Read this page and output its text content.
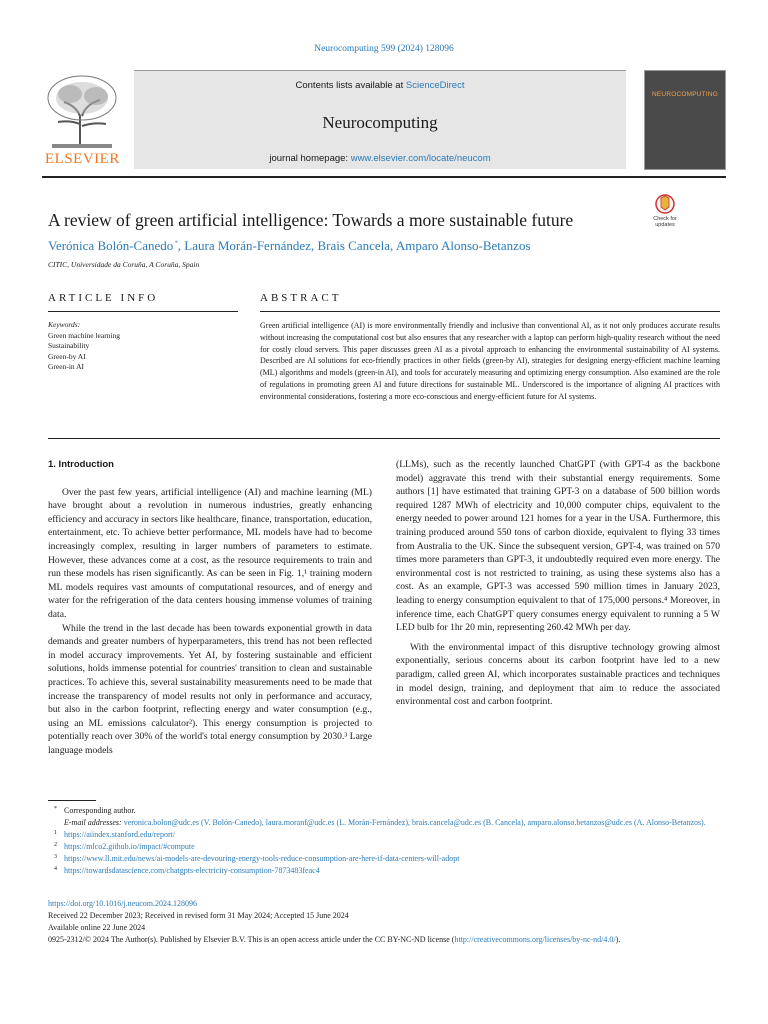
Neurocomputing 599 (2024) 128096
ELSEVIER
Contents lists available at ScienceDirect
Neurocomputing
journal homepage: www.elsevier.com/locate/neucom
NEUROCOMPUTING
A review of green artificial intelligence: Towards a more sustainable future	Check for updates
Verónica Bolón-Canedo *, Laura Morán-Fernández, Brais Cancela, Amparo Alonso-Betanzos
CITIC, Universidade da Coruña, A Coruña, Spain
ARTICLE INFO	ABSTRACT
Keywords:
Green machine learning
Sustainability
Green-by AI
Green-in AI
Green artificial intelligence (AI) is more environmentally friendly and inclusive than conventional AI, as it not only produces accurate results without increasing the computational cost but also ensures that any researcher with a laptop can perform high-quality research without the need for costly cloud servers. This paper discusses green AI as a pivotal approach to enhancing the environmental sustainability of AI systems. Described are AI solutions for eco-friendly practices in other fields (green-by AI), strategies for designing energy-efficient machine learning (ML) algorithms and models (green-in AI), and tools for accurately measuring and optimizing energy consumption. Also examined are the role of regulations in promoting green AI and future directions for sustainable ML. Underscored is the importance of aligning AI practices with environmental considerations, fostering a more eco-conscious and energy-efficient future for AI systems.
1. Introduction

Over the past few years, artificial intelligence (AI) and machine learning (ML) have brought about a revolution in numerous industries, greatly enhancing efficiency and accuracy in sectors like healthcare, finance, transportation, education, entertainment, etc. To achieve better performance, ML models have had to become increasingly complex, resulting in larger numbers of parameters to estimate. However, these advances come at a cost, as the resource requirements to train and run these models has risen significantly. As can be seen in Fig. 1,¹ training modern ML models requires vast amounts of computational resources, and of energy and water for the refrigeration of the data centers housing immense volumes of training data.

While the trend in the last decade has been towards exponential growth in data demands and greater numbers of hyperparameters, this trend has not been reflected in model accuracy improvements. Yet AI, by fostering sustainable and efficient solutions, holds immense potential for countries' transition to clean and sustainable practices. To achieve this, several sustainability measurements need to be made that increase the transparency of model results not only in performance and accuracy, but also in the carbon footprint, reflecting energy and water consumption (e.g., using an ML emissions calculator²). This energy consumption is projected to potentially reach over 30% of the world's total energy consumption by 2030.³ Large language models

(LLMs), such as the recently launched ChatGPT (with GPT-4 as the backbone model) aggravate this trend with their substantial energy requirements. Some authors [1] have estimated that training GPT-3 on a database of 500 billion words required 1287 MWh of electricity and 10,000 computer chips, equivalent to the energy needed to power around 121 homes for a year in the USA. Furthermore, this training produced around 550 tons of carbon dioxide, equivalent to flying 33 times from Australia to the UK. Since the subsequent version, GPT-4, was trained on 570 times more parameters than GPT-3, it undoubtedly required even more energy. The environmental cost is not restricted to training, as using these systems also has a cost. As an example, GPT-3 was accessed 590 million times in January 2023, leading to energy consumption equivalent to that of 175,000 persons.⁴ Moreover, in inference time, each ChatGPT query consumes energy equivalent to running a 5 W LED bulb for 1hr 20 min, representing 260.42 MWh per day.

With the environmental impact of this disruptive technology growing almost exponentially, serious concerns about its carbon footprint have led to a new paradigm, called green AI, which incorporates sustainable practices and techniques in model design, training, and deployment that aim to reduce the associated environmental cost and carbon footprint.

* Corresponding author.
E-mail addresses: veronica.bolon@udc.es (V. Bolón-Canedo), laura.moranf@udc.es (L. Morán-Fernández), brais.cancela@udc.es (B. Cancela), amparo.alonso.betanzos@udc.es (A. Alonso-Betanzos).
1 https://aiindex.stanford.edu/report/
2 https://mlco2.github.io/impact/#compute
3 https://www.ll.mit.edu/news/ai-models-are-devouring-energy-tools-reduce-consumption-are-here-if-data-centers-will-adopt
4 https://towardsdatascience.com/chatgpts-electricity-consumption-7873483feac4
https://doi.org/10.1016/j.neucom.2024.128096
Received 22 December 2023; Received in revised form 31 May 2024; Accepted 15 June 2024
Available online 22 June 2024
0925-2312/© 2024 The Author(s). Published by Elsevier B.V. This is an open access article under the CC BY-NC-ND license (http://creativecommons.org/licenses/by-nc-nd/4.0/).
